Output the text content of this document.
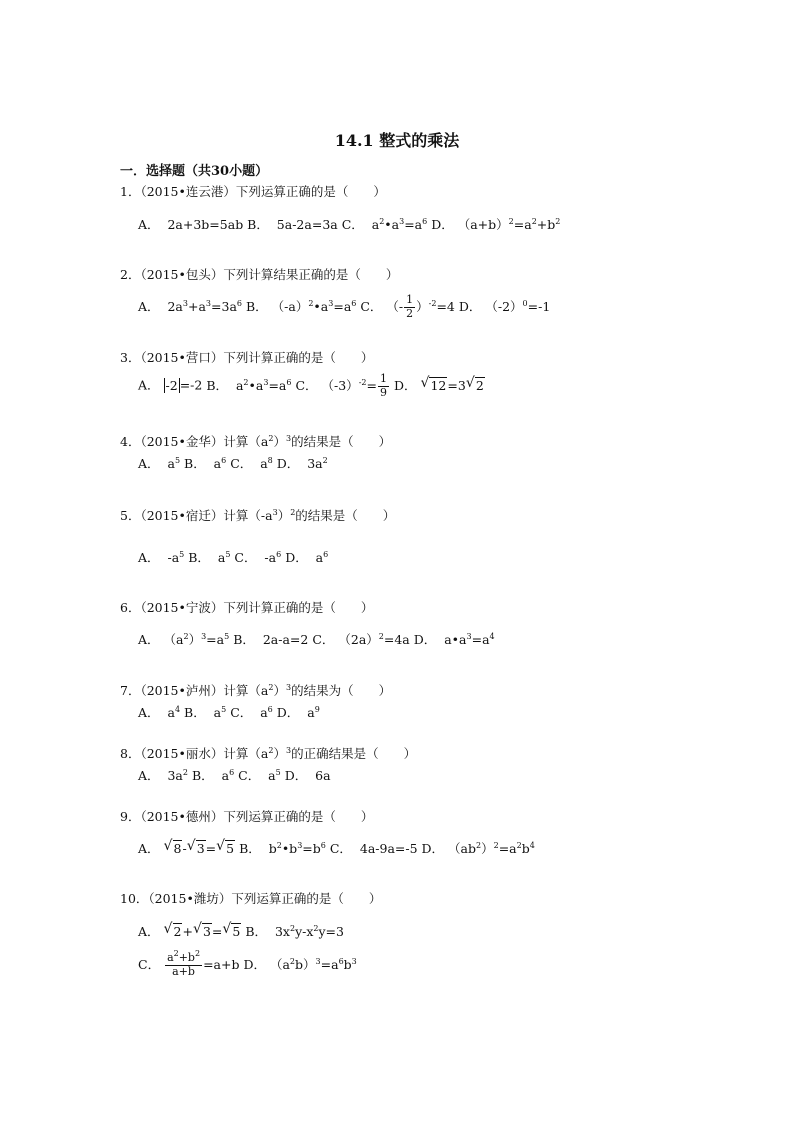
14.1 整式的乘法
一．选择题（共30小题）
1．（2015•连云港）下列运算正确的是（　　）
A．  2a+3b=5ab B．  5a-2a=3a C．  $a^2•a^3=a^6$ D． $(a+b)^2=a^2+b^2$
2．（2015•包头）下列计算结果正确的是（　　）
A．  $2a^3+a^3=3a^6$ B． $(-a)^2•a^3=a^6$ C． （- $\frac{1}{2} )^{-2}=4$ D． $(-2)^0=-1$
3．（2015•营口）下列计算正确的是（　　）
A． -2 =-2 B．  $a^2•a^3=a^6$ C． $(-3)^{-2}= \frac{1}{9}$ D． √ 12=3 √ 2
4．（2015•金华）计算$(a^2)^3$的结果是（　　）
A．  $a^5$ B．  $a^6$ C．  $a^8$ D．  $3a^2$
5．（2015•宿迁）计算$(-a^3)^2$的结果是（　　）
A．  $-a^5$ B．  $a^5$ C．  $-a^6$ D．  $a^6$
6．（2015•宁波）下列计算正确的是（　　）
A． $(a^2)^3=a^5$ B．  2a-a=2 C． $(2a)^2=4a$ D．  $a•a^3=a^4$
7．（2015•泸州）计算$(a^2)^3$的结果为（　　）
A．  $a^4$ B．  $a^5$ C．  $a^6$ D．  $a^9$
8．（2015•丽水）计算$(a^2)^3$的正确结果是（　　）
A．  $3a^2$ B．  $a^6$ C．  $a^5$ D．  6a
9．（2015•德州）下列运算正确的是（　　）
A． √ 8- √ 3= √ 5 B．  $b^2•b^3=b^6$ C．  4a-9a=-5 D． $(ab^2)^2=a^2b^4$
10．（2015•潍坊）下列运算正确的是（　　）
A． √ 2+ √ 3= √ 5 B．  $3x^2y-x^2y=3$
C． $\frac{a^2+b^2}{a+b} =a+b$ D． $(a^2b)^3=a^6b^3$
